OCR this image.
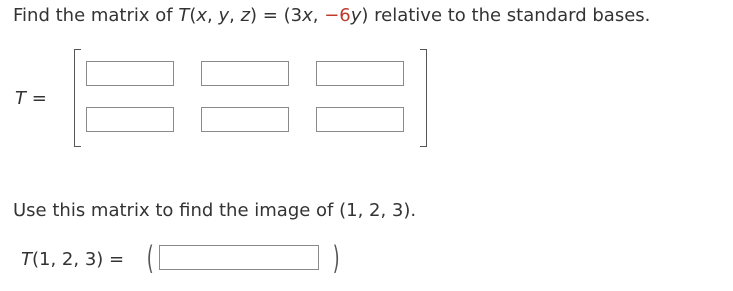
Find the matrix of T(x, y, z) = (3x, −6y) relative to the standard bases.
T =
Use this matrix to find the image of (1, 2, 3).
T(1, 2, 3) = (	)
